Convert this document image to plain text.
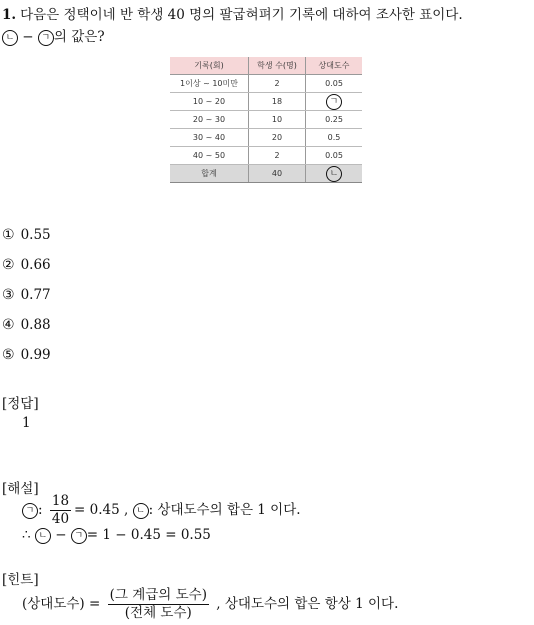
1. 다음은 정택이네 반 학생 40 명의 팔굽혀펴기 기록에 대하여 조사한 표이다.
ㄴ − ㄱ 의 값은?
기록(회)	학생 수(명)	상대도수
1이상 ~ 10미만	2	0.05
10 ~ 20	18	ㄱ
20 ~ 30	10	0.25
30 ~ 40	20	0.5
40 ~ 50	2	0.05
합계	40	ㄴ
① 0.55
② 0.66
③ 0.77
④ 0.88
⑤ 0.99
[정답]
1
[해설]
ㄱ : $\frac{18}{40} = 0.45$ , ㄴ : 상대도수의 합은 1 이다.
∴ ㄴ − ㄱ = 1 − 0.45 = 0.55
[힌트]
(상대도수) = $\frac{\text{(그 계급의 도수)}}{\text{(전체 도수)}}$ , 상대도수의 합은 항상 1 이다.
